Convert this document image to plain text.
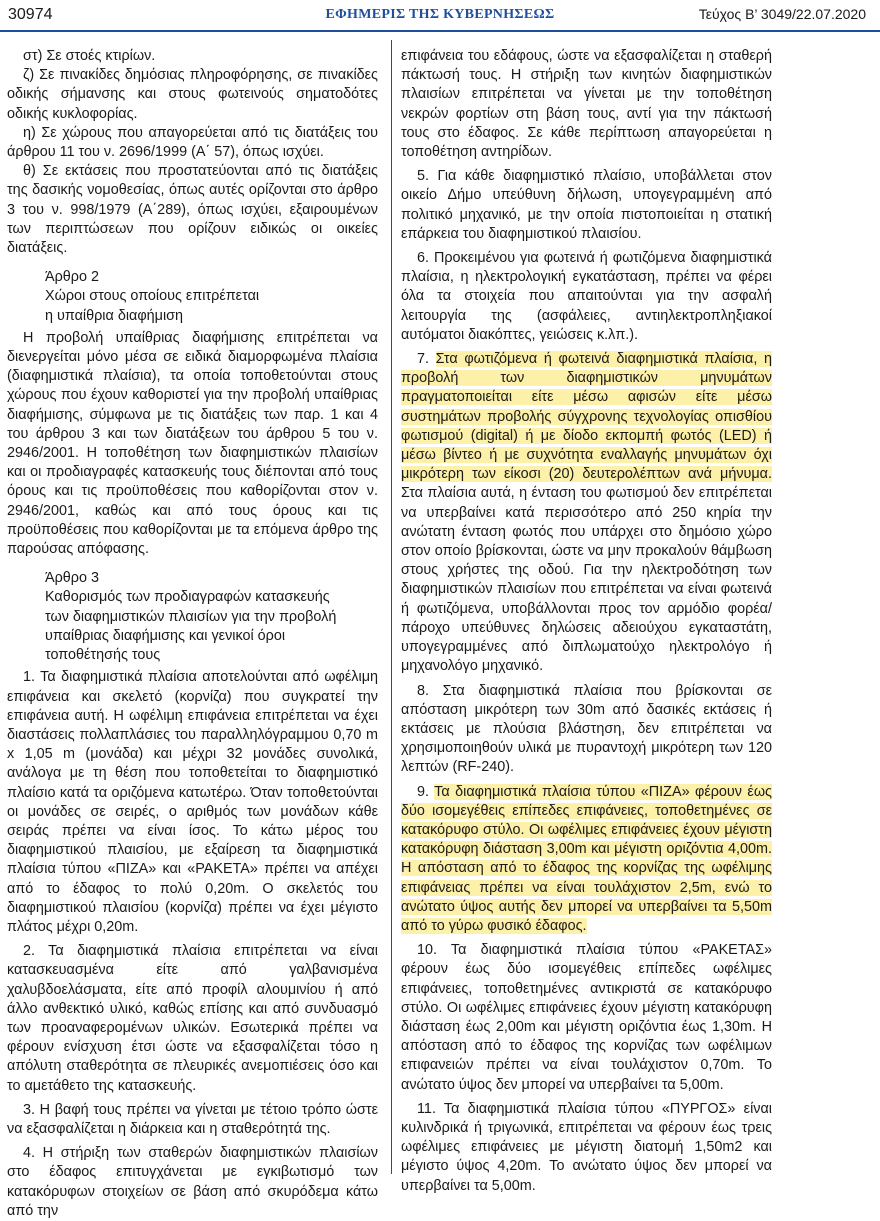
30974	ΕΦΗΜΕΡΙΣ ΤΗΣ ΚΥΒΕΡΝΗΣΕΩΣ	Τεύχος Β’ 3049/22.07.2020

στ) Σε στοές κτιρίων.

ζ) Σε πινακίδες δημόσιας πληροφόρησης, σε πινακίδες οδικής σήμανσης και στους φωτεινούς σηματοδότες οδικής κυκλοφορίας.

η) Σε χώρους που απαγορεύεται από τις διατάξεις του άρθρου 11 του ν. 2696/1999 (Α΄ 57), όπως ισχύει.

θ) Σε εκτάσεις που προστατεύονται από τις διατάξεις της δασικής νομοθεσίας, όπως αυτές ορίζονται στο άρθρο 3 του ν. 998/1979 (Α΄289), όπως ισχύει, εξαιρουμένων των περιπτώσεων που ορίζουν ειδικώς οι οικείες διατάξεις.

Άρθρο 2

Χώροι στους οποίους επιτρέπεται

η υπαίθρια διαφήμιση

Η προβολή υπαίθριας διαφήμισης επιτρέπεται να διενεργείται μόνο μέσα σε ειδικά διαμορφωμένα πλαίσια (διαφημιστικά πλαίσια), τα οποία τοποθετούνται στους χώρους που έχουν καθοριστεί για την προβολή υπαίθριας διαφήμισης, σύμφωνα με τις διατάξεις των παρ. 1 και 4 του άρθρου 3 και των διατάξεων του άρθρου 5 του ν. 2946/2001. Η τοποθέτηση των διαφημιστικών πλαισίων και οι προδιαγραφές κατασκευής τους διέπονται από τους όρους και τις προϋποθέσεις που καθορίζονται στον ν. 2946/2001, καθώς και από τους όρους και τις προϋποθέσεις που καθορίζονται με τα επόμενα άρθρο της παρούσας απόφασης.

Άρθρο 3

Καθορισμός των προδιαγραφών κατασκευής

των διαφημιστικών πλαισίων για την προβολή

υπαίθριας διαφήμισης και γενικοί όροι

τοποθέτησής τους

1. Τα διαφημιστικά πλαίσια αποτελούνται από ωφέλιμη επιφάνεια και σκελετό (κορνίζα) που συγκρατεί την επιφάνεια αυτή. Η ωφέλιμη επιφάνεια επιτρέπεται να έχει διαστάσεις πολλαπλάσιες του παραλληλόγραμμου 0,70 m x 1,05 m (μονάδα) και μέχρι 32 μονάδες συνολικά, ανάλογα με τη θέση που τοποθετείται το διαφημιστικό πλαίσιο κατά τα οριζόμενα κατωτέρω. Όταν τοποθετούνται οι μονάδες σε σειρές, ο αριθμός των μονάδων κάθε σειράς πρέπει να είναι ίσος. Το κάτω μέρος του διαφημιστικού πλαισίου, με εξαίρεση τα διαφημιστικά πλαίσια τύπου «ΠΙΖΑ» και «ΡΑΚΕΤΑ» πρέπει να απέχει από το έδαφος το πολύ 0,20m. Ο σκελετός του διαφημιστικού πλαισίου (κορνίζα) πρέπει να έχει μέγιστο πλάτος μέχρι 0,20m.

2. Τα διαφημιστικά πλαίσια επιτρέπεται να είναι κατασκευασμένα είτε από γαλβανισμένα χαλυβδοελάσματα, είτε από προφίλ αλουμινίου ή από άλλο ανθεκτικό υλικό, καθώς επίσης και από συνδυασμό των προαναφερομένων υλικών. Εσωτερικά πρέπει να φέρουν ενίσχυση έτσι ώστε να εξασφαλίζεται τόσο η απόλυτη σταθερότητα σε πλευρικές ανεμοπιέσεις όσο και το αμετάθετο της κατασκευής.

3. Η βαφή τους πρέπει να γίνεται με τέτοιο τρόπο ώστε να εξασφαλίζεται η διάρκεια και η σταθερότητά της.

4. Η στήριξη των σταθερών διαφημιστικών πλαισίων στο έδαφος επιτυγχάνεται με εγκιβωτισμό των κατακόρυφων στοιχείων σε βάση από σκυρόδεμα κάτω από την

επιφάνεια του εδάφους, ώστε να εξασφαλίζεται η σταθερή πάκτωσή τους. Η στήριξη των κινητών διαφημιστικών πλαισίων επιτρέπεται να γίνεται με την τοποθέτηση νεκρών φορτίων στη βάση τους, αντί για την πάκτωσή τους στο έδαφος. Σε κάθε περίπτωση απαγορεύεται η τοποθέτηση αντηρίδων.

5. Για κάθε διαφημιστικό πλαίσιο, υποβάλλεται στον οικείο Δήμο υπεύθυνη δήλωση, υπογεγραμμένη από πολιτικό μηχανικό, με την οποία πιστοποιείται η στατική επάρκεια του διαφημιστικού πλαισίου.

6. Προκειμένου για φωτεινά ή φωτιζόμενα διαφημιστικά πλαίσια, η ηλεκτρολογική εγκατάσταση, πρέπει να φέρει όλα τα στοιχεία που απαιτούνται για την ασφαλή λειτουργία της (ασφάλειες, αντιηλεκτροπληξιακοί αυτόματοι διακόπτες, γειώσεις κ.λπ.).

7. Στα φωτιζόμενα ή φωτεινά διαφημιστικά πλαίσια, η προβολή των διαφημιστικών μηνυμάτων πραγματοποιείται είτε μέσω αφισών είτε μέσω συστημάτων προβολής σύγχρονης τεχνολογίας οπισθίου φωτισμού (digital) ή με δίοδο εκπομπή φωτός (LED) ή μέσω βίντεο ή με συχνότητα εναλλαγής μηνυμάτων όχι μικρότερη των είκοσι (20) δευτερολέπτων ανά μήνυμα. Στα πλαίσια αυτά, η ένταση του φωτισμού δεν επιτρέπεται να υπερβαίνει κατά περισσότερο από 250 κηρία την ανώτατη ένταση φωτός που υπάρχει στο δημόσιο χώρο στον οποίο βρίσκονται, ώστε να μην προκαλούν θάμβωση στους χρήστες της οδού. Για την ηλεκτροδότηση των διαφημιστικών πλαισίων που επιτρέπεται να είναι φωτεινά ή φωτιζόμενα, υποβάλλονται προς τον αρμόδιο φορέα/πάροχο υπεύθυνες δηλώσεις αδειούχου εγκαταστάτη, υπογεγραμμένες από διπλωματούχο ηλεκτρολόγο ή μηχανολόγο μηχανικό.

8. Στα διαφημιστικά πλαίσια που βρίσκονται σε απόσταση μικρότερη των 30m από δασικές εκτάσεις ή εκτάσεις με πλούσια βλάστηση, δεν επιτρέπεται να χρησιμοποιηθούν υλικά με πυραντοχή μικρότερη των 120 λεπτών (RF-240).

9. Τα διαφημιστικά πλαίσια τύπου «ΠΙΖΑ» φέρουν έως δύο ισομεγέθεις επίπεδες επιφάνειες, τοποθετημένες σε κατακόρυφο στύλο. Οι ωφέλιμες επιφάνειες έχουν μέγιστη κατακόρυφη διάσταση 3,00m και μέγιστη οριζόντια 4,00m. Η απόσταση από το έδαφος της κορνίζας της ωφέλιμης επιφάνειας πρέπει να είναι τουλάχιστον 2,5m, ενώ το ανώτατο ύψος αυτής δεν μπορεί να υπερβαίνει τα 5,50m από το γύρω φυσικό έδαφος.

10. Τα διαφημιστικά πλαίσια τύπου «ΡΑΚΕΤΑΣ» φέρουν έως δύο ισομεγέθεις επίπεδες ωφέλιμες επιφάνειες, τοποθετημένες αντικριστά σε κατακόρυφο στύλο. Οι ωφέλιμες επιφάνειες έχουν μέγιστη κατακόρυφη διάσταση έως 2,00m και μέγιστη οριζόντια έως 1,30m. Η απόσταση από το έδαφος της κορνίζας των ωφέλιμων επιφανειών πρέπει να είναι τουλάχιστον 0,70m. Το ανώτατο ύψος δεν μπορεί να υπερβαίνει τα 5,00m.

11. Τα διαφημιστικά πλαίσια τύπου «ΠΥΡΓΟΣ» είναι κυλινδρικά ή τριγωνικά, επιτρέπεται να φέρουν έως τρεις ωφέλιμες επιφάνειες με μέγιστη διατομή 1,50m2 και μέγιστο ύψος 4,20m. Το ανώτατο ύψος δεν μπορεί να υπερβαίνει τα 5,00m.
